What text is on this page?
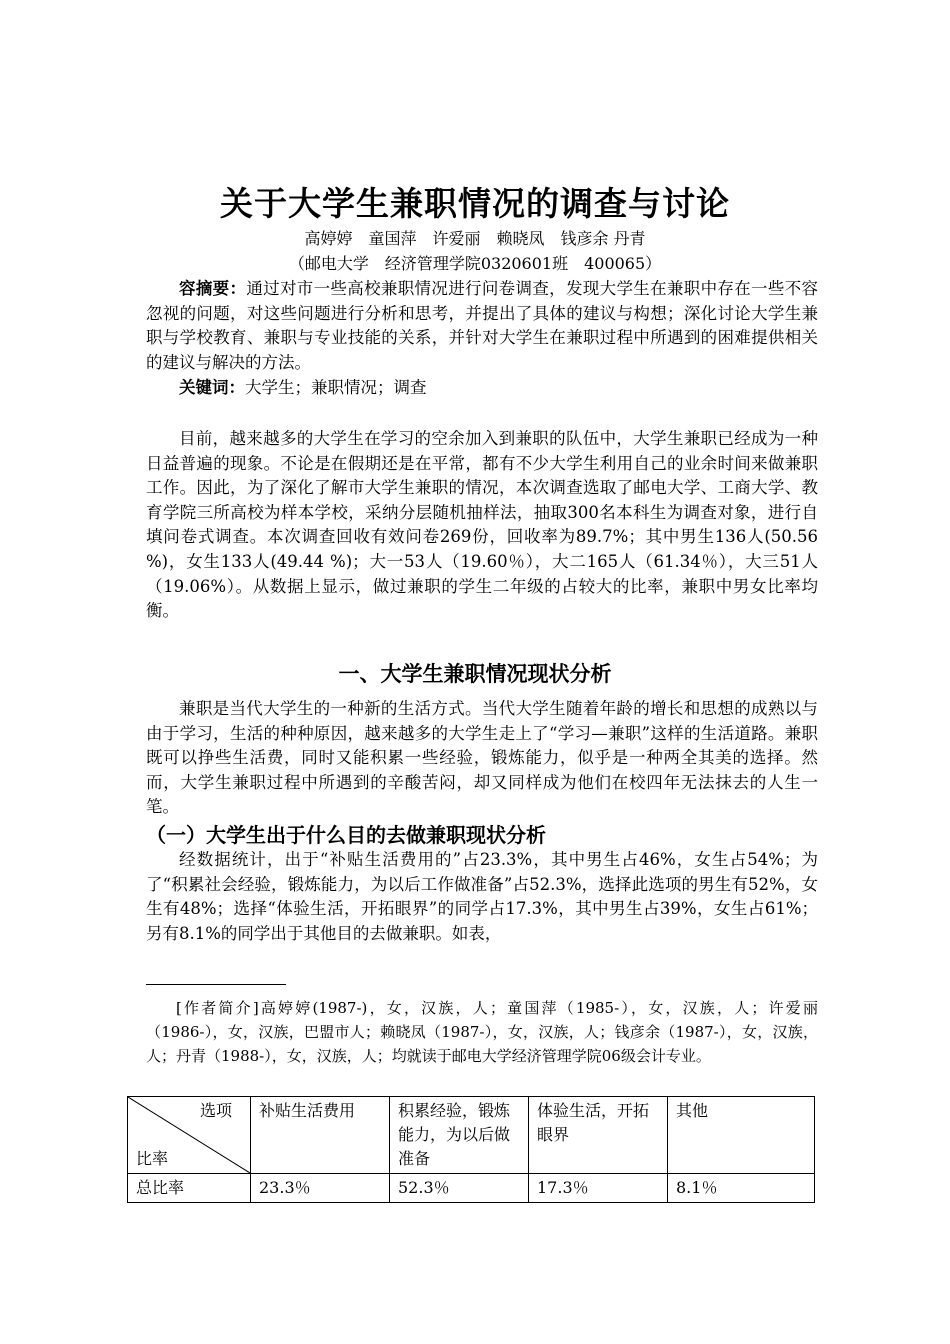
关于大学生兼职情况的调查与讨论
高婷婷　童国萍　许爱丽　赖晓凤　钱彦余 丹青
（邮电大学　经济管理学院0320601班　400065）

容摘要：通过对市一些高校兼职情况进行问卷调查，发现大学生在兼职中存在一些不容忽视的问题，对这些问题进行分析和思考，并提出了具体的建议与构想；深化讨论大学生兼职与学校教育、兼职与专业技能的关系，并针对大学生在兼职过程中所遇到的困难提供相关的建议与解决的方法。

关键词：大学生；兼职情况；调查

目前，越来越多的大学生在学习的空余加入到兼职的队伍中，大学生兼职已经成为一种日益普遍的现象。不论是在假期还是在平常，都有不少大学生利用自己的业余时间来做兼职工作。因此，为了深化了解市大学生兼职的情况，本次调查选取了邮电大学、工商大学、教育学院三所高校为样本学校，采纳分层随机抽样法，抽取300名本科生为调查对象，进行自填问卷式调查。本次调查回收有效问卷269份，回收率为89.7%；其中男生136人(50.56 %)，女生133人(49.44 %)；大一53人（19.60％），大二165人（61.34％），大三51人（19.06%）。从数据上显示，做过兼职的学生二年级的占较大的比率，兼职中男女比率均衡。

一、大学生兼职情况现状分析

兼职是当代大学生的一种新的生活方式。当代大学生随着年龄的增长和思想的成熟以与由于学习，生活的种种原因，越来越多的大学生走上了“学习—兼职”这样的生活道路。兼职既可以挣些生活费，同时又能积累一些经验，锻炼能力，似乎是一种两全其美的选择。然而，大学生兼职过程中所遇到的辛酸苦闷，却又同样成为他们在校四年无法抹去的人生一笔。

（一）大学生出于什么目的去做兼职现状分析

经数据统计，出于“补贴生活费用的”占23.3%，其中男生占46%，女生占54%；为了“积累社会经验，锻炼能力，为以后工作做准备”占52.3%，选择此选项的男生有52%，女生有48%；选择“体验生活，开拓眼界”的同学占17.3%，其中男生占39%，女生占61%；另有8.1%的同学出于其他目的去做兼职。如表，

[作者简介]高婷婷(1987-)，女，汉族，人；童国萍（1985-），女，汉族，人；许爱丽（1986-），女，汉族，巴盟市人；赖晓凤（1987-），女，汉族，人；钱彦余（1987-），女，汉族，人；丹青（1988-），女，汉族，人；均就读于邮电大学经济管理学院06级会计专业。

选项
比率	补贴生活费用	积累经验，锻炼能力，为以后做准备	体验生活，开拓眼界	其他
总比率	23.3％	52.3％	17.3％	8.1％
